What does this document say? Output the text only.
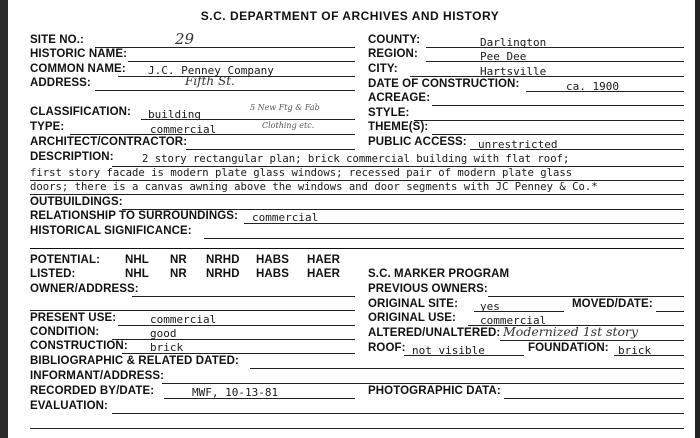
S.C. DEPARTMENT OF ARCHIVES AND HISTORY
SITE NO.:	29
HISTORIC NAME:
COMMON NAME: J.C. Penney Company
ADDRESS:	Fifth St.
CLASSIFICATION: building
5 New Ftg & Fab
TYPE:	commercial	Clothing etc.
ARCHITECT/CONTRACTOR:
DESCRIPTION:	2 story rectangular plan; brick commercial building with flat roof;
first story facade is modern plate glass windows; recessed pair of modern plate glass
doors; there is a canvas awning above the windows and door segments with JC Penney & Co.*
OUTBUILDINGS:
RELATIONSHIP TO SURROUNDINGS: commercial
HISTORICAL SIGNIFICANCE:
POTENTIAL: NHL NR NRHD HABS HAER
LISTED:	NHL NR NRHD HABS HAER
OWNER/ADDRESS:
PRESENT USE:	commercial
CONDITION:	good
CONSTRUCTION: brick
BIBLIOGRAPHIC & RELATED DATED:
INFORMANT/ADDRESS:
RECORDED BY/DATE:	MWF, 10-13-81
EVALUATION:
COUNTY:	Darlington
REGION:	Pee Dee
CITY:	Hartsville
DATE OF CONSTRUCTION:	ca. 1900
ACREAGE:
STYLE:
THEME(S):
PUBLIC ACCESS: unrestricted
S.C. MARKER PROGRAM
PREVIOUS OWNERS:
ORIGINAL SITE: yes	MOVED/DATE:
ORIGINAL USE: commercial
ALTERED/UNALTERED: Modernized 1st story
ROOF: not visible	FOUNDATION: brick
PHOTOGRAPHIC DATA:
